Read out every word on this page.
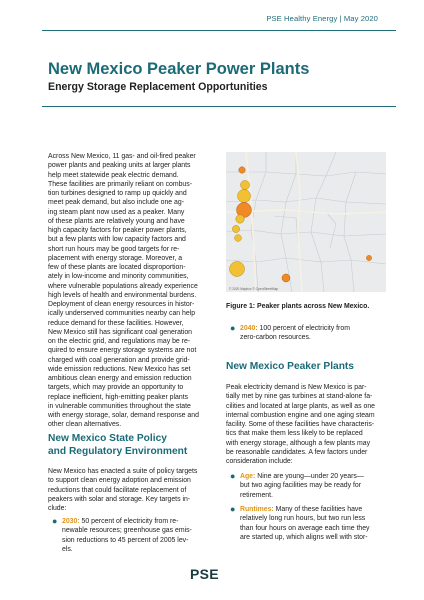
PSE Healthy Energy | May 2020
New Mexico Peaker Power Plants
Energy Storage Replacement Opportunities
Across New Mexico, 11 gas- and oil-fired peaker
power plants and peaking units at larger plants
help meet statewide peak electric demand.
These facilities are primarily reliant on combus-
tion turbines designed to ramp up quickly and
meet peak demand, but also include one ag-
ing steam plant now used as a peaker. Many
of these plants are relatively young and have
high capacity factors for peaker power plants,
but a few plants with low capacity factors and
short run hours may be good targets for re-
placement with energy storage. Moreover, a
few of these plants are located disproportion-
ately in low-income and minority communities,
where vulnerable populations already experience
high levels of health and environmental burdens.
Deployment of clean energy resources in histor-
ically underserved communities nearby can help
reduce demand for these facilities. However,
New Mexico still has significant coal generation
on the electric grid, and regulations may be re-
quired to ensure energy storage systems are not
charged with coal generation and provide grid-
wide emission reductions. New Mexico has set
ambitious clean energy and emission reduction
targets, which may provide an opportunity to
replace inefficient, high-emitting peaker plants
in vulnerable communities throughout the state
with energy storage, solar, demand response and
other clean alternatives.
New Mexico State Policy
and Regulatory Environment
New Mexico has enacted a suite of policy targets
to support clean energy adoption and emission
reductions that could facilitate replacement of
peakers with solar and storage. Key targets in-
clude:
● 2030: 50 percent of electricity from re-
newable resources; greenhouse gas emis-
sion reductions to 45 percent of 2005 lev-
els.
© 2020 Mapbox © OpenStreetMap
Figure 1: Peaker plants across New Mexico.
● 2040: 100 percent of electricity from
zero-carbon resources.
New Mexico Peaker Plants
Peak electricity demand is New Mexico is par-
tially met by nine gas turbines at stand-alone fa-
cilities and located at large plants, as well as one
internal combustion engine and one aging steam
facility. Some of these facilities have characteris-
tics that make them less likely to be replaced
with energy storage, although a few plants may
be reasonable candidates. A few factors under
consideration include:
● Age: Nine are young—under 20 years—
but two aging facilities may be ready for
retirement.
● Runtimes: Many of these facilities have
relatively long run hours, but two run less
than four hours on average each time they
are started up, which aligns well with stor-
PSE
